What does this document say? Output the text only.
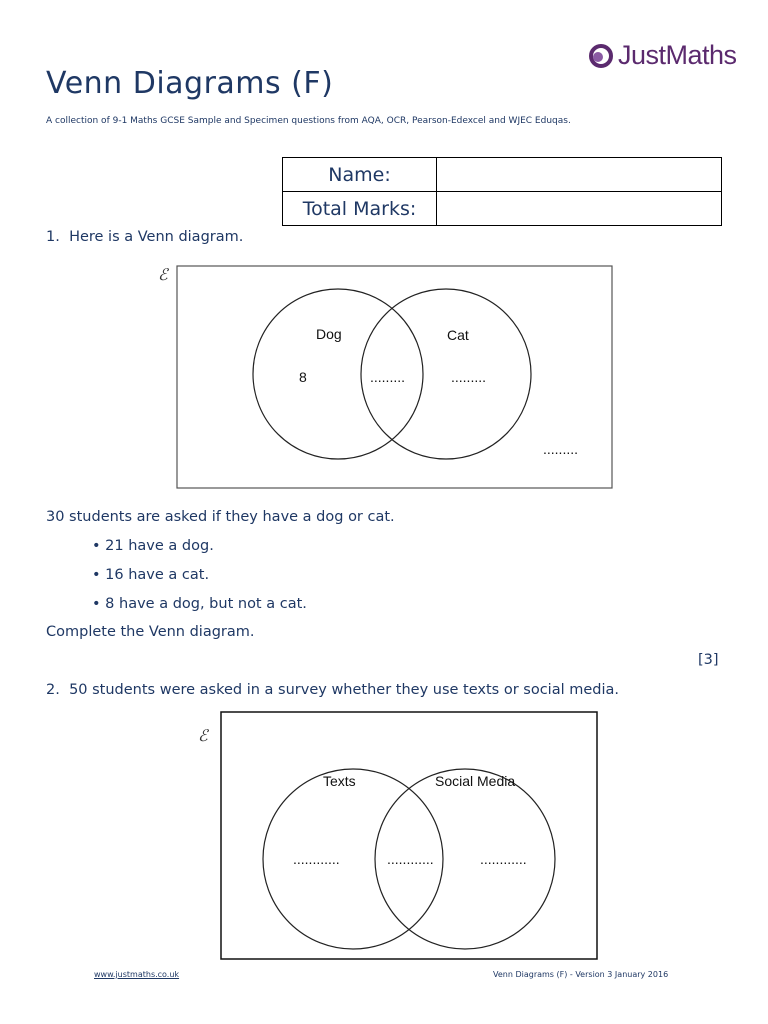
JustMaths
Venn Diagrams (F)
A collection of 9-1 Maths GCSE Sample and Specimen questions from AQA, OCR, Pearson-Edexcel and WJEC Eduqas.
Name:	
Total Marks:	
1. Here is a Venn diagram.
ℰ
Dog	Cat
8	.........	.........
.........
30 students are asked if they have a dog or cat.
• 21 have a dog.
• 16 have a cat.
• 8 have a dog, but not a cat.
Complete the Venn diagram.
[3]
2. 50 students were asked in a survey whether they use texts or social media.
ℰ
Texts	Social Media
............	............	............
www.justmaths.co.uk	Venn Diagrams (F) - Version 3 January 2016
